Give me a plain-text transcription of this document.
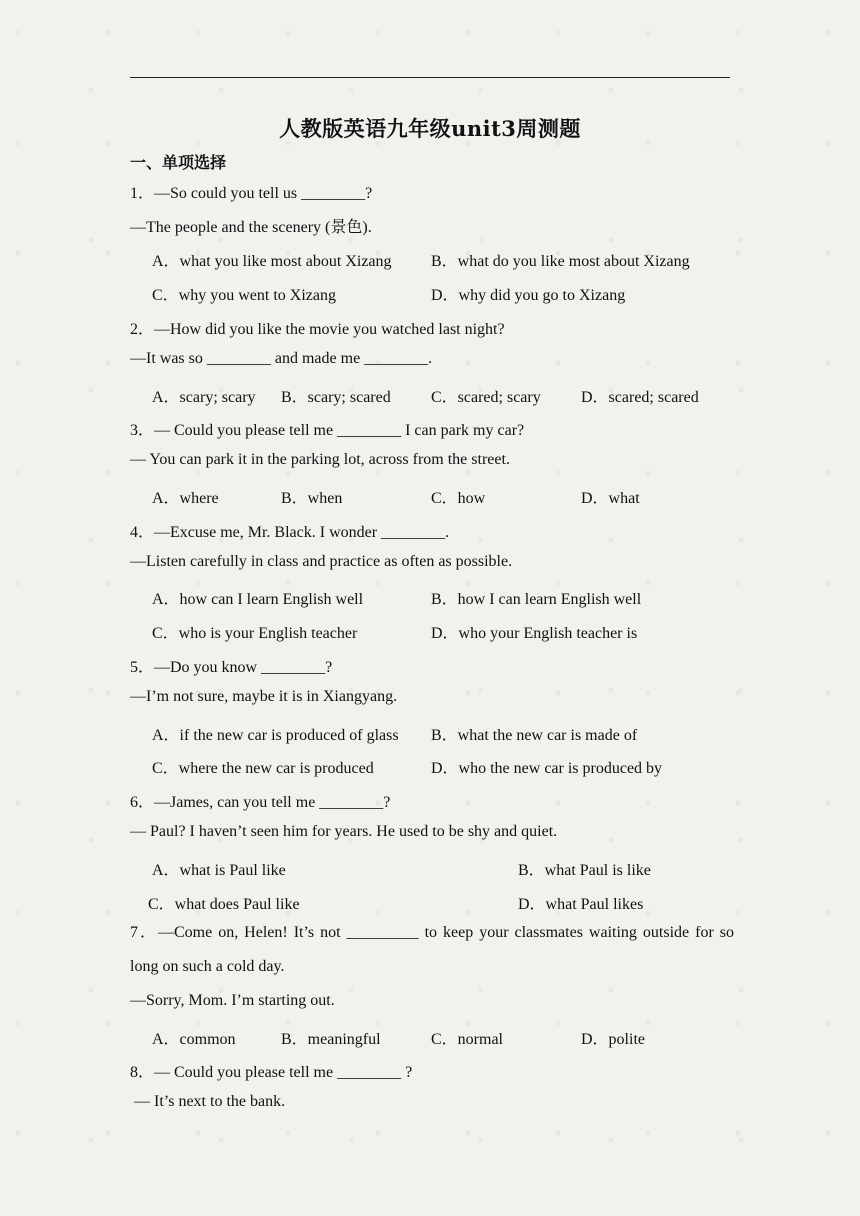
人教版英语九年级unit3周测题
一、单项选择
1．—So could you tell us ________?
—The people and the scenery (景色).
A．what you like most about Xizang B．what do you like most about Xizang
C．why you went to Xizang	D．why did you go to Xizang
2．—How did you like the movie you watched last night?
—It was so ________ and made me ________.
A．scary; scary B．scary; scared	C．scared; scary	D．scared; scared
3．— Could you please tell me ________ I can park my car?
— You can park it in the parking lot, across from the street.
A．where	B．when	C．how	D．what
4．—Excuse me, Mr. Black. I wonder ________.
—Listen carefully in class and practice as often as possible.
A．how can I learn English well	B．how I can learn English well
C．who is your English teacher	D．who your English teacher is
5．—Do you know ________?
—I’m not sure, maybe it is in Xiangyang.
A．if the new car is produced of glass B．what the new car is made of
C．where the new car is produced	D．who the new car is produced by
6．—James, can you tell me ________?
— Paul? I haven’t seen him for years. He used to be shy and quiet.
A．what is Paul like	B．what Paul is like
C．what does Paul like	D．what Paul likes
7．—Come on, Helen! It’s not _________ to keep your classmates waiting outside for so long on such a cold day.
—Sorry, Mom. I’m starting out.
A．common	B．meaningful	C．normal	D．polite
8．— Could you please tell me ________ ?
— It’s next to the bank.
